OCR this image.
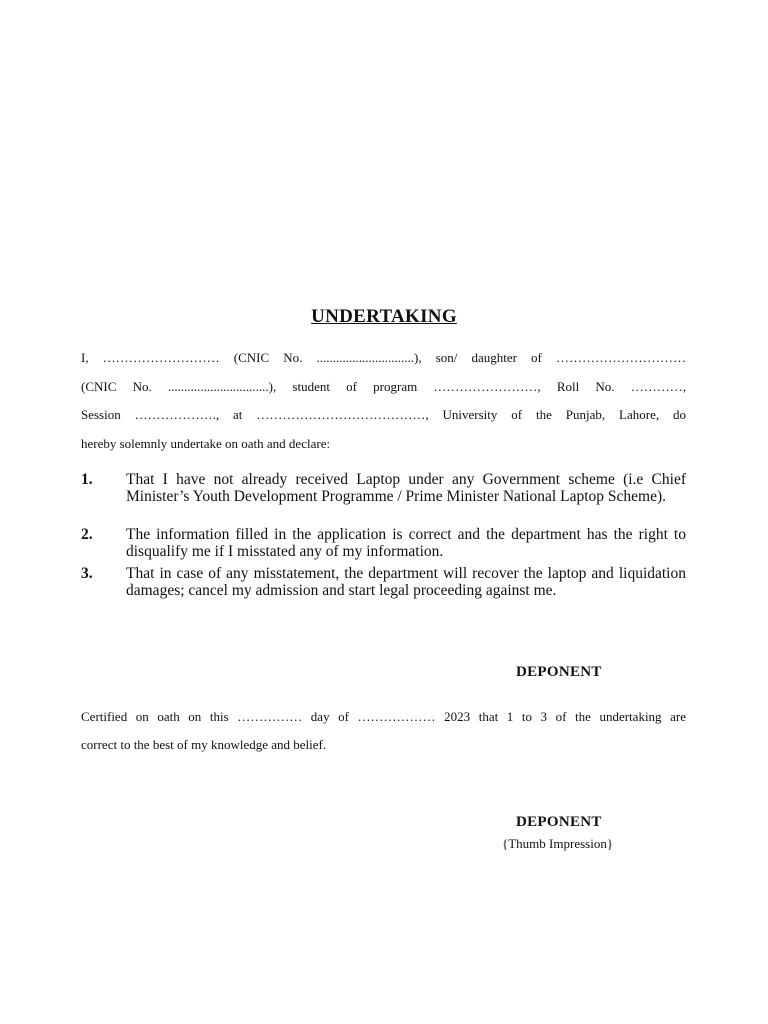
UNDERTAKING
I, ……………………… (CNIC No. ..............................), son/ daughter of …………………………
(CNIC No. ...............................), student of program ……………………, Roll No. …………,
Session ………………., at …………………………………, University of the Punjab, Lahore, do
hereby solemnly undertake on oath and declare:
1. That I have not already received Laptop under any Government scheme (i.e Chief Minister’s Youth Development Programme / Prime Minister National Laptop Scheme).
2. The information filled in the application is correct and the department has the right to disqualify me if I misstated any of my information.
3. That in case of any misstatement, the department will recover the laptop and liquidation damages; cancel my admission and start legal proceeding against me.
DEPONENT
Certified on oath on this …………… day of ……………… 2023 that 1 to 3 of the undertaking are
correct to the best of my knowledge and belief.
DEPONENT
{Thumb Impression}
